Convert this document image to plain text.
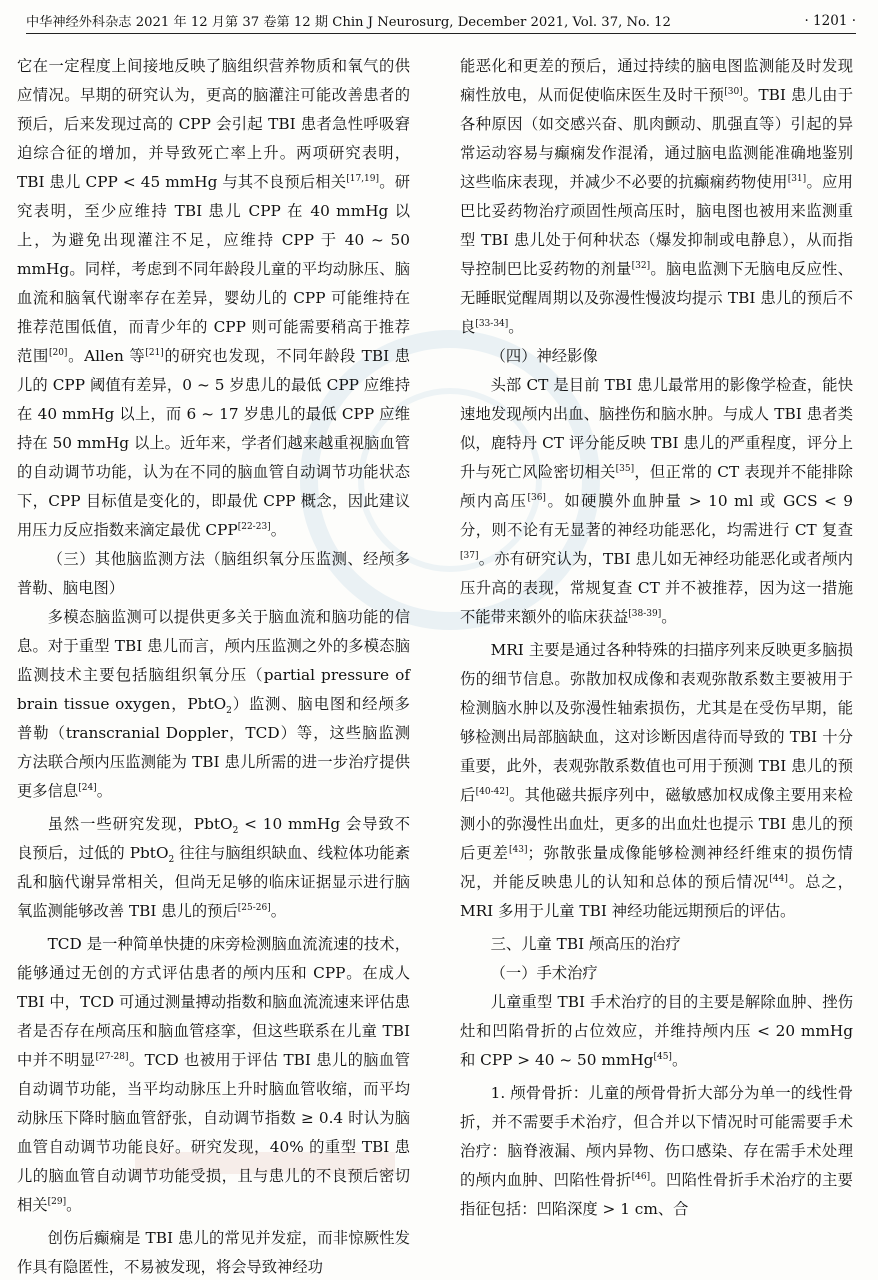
中华神经外科杂志 2021 年 12 月第 37 卷第 12 期 Chin J Neurosurg, December 2021, Vol. 37, No. 12	· 1201 ·

它在一定程度上间接地反映了脑组织营养物质和氧气的供应情况。早期的研究认为，更高的脑灌注可能改善患者的预后，后来发现过高的 CPP 会引起 TBI 患者急性呼吸窘迫综合征的增加，并导致死亡率上升。两项研究表明，TBI 患儿 CPP < 45 mmHg 与其不良预后相关[17,19]。研究表明，至少应维持 TBI 患儿 CPP 在 40 mmHg 以上，为避免出现灌注不足，应维持 CPP 于 40 ~ 50 mmHg。同样，考虑到不同年龄段儿童的平均动脉压、脑血流和脑氧代谢率存在差异，婴幼儿的 CPP 可能维持在推荐范围低值，而青少年的 CPP 则可能需要稍高于推荐范围[20]。Allen 等[21]的研究也发现，不同年龄段 TBI 患儿的 CPP 阈值有差异，0 ~ 5 岁患儿的最低 CPP 应维持在 40 mmHg 以上，而 6 ~ 17 岁患儿的最低 CPP 应维持在 50 mmHg 以上。近年来，学者们越来越重视脑血管的自动调节功能，认为在不同的脑血管自动调节功能状态下，CPP 目标值是变化的，即最优 CPP 概念，因此建议用压力反应指数来滴定最优 CPP[22-23]。

（三）其他脑监测方法（脑组织氧分压监测、经颅多普勒、脑电图）

多模态脑监测可以提供更多关于脑血流和脑功能的信息。对于重型 TBI 患儿而言，颅内压监测之外的多模态脑监测技术主要包括脑组织氧分压（partial pressure of brain tissue oxygen，PbtO$_2$）监测、脑电图和经颅多普勒（transcranial Doppler，TCD）等，这些脑监测方法联合颅内压监测能为 TBI 患儿所需的进一步治疗提供更多信息[24]。

虽然一些研究发现，PbtO$_2$ < 10 mmHg 会导致不良预后，过低的 PbtO$_2$ 往往与脑组织缺血、线粒体功能紊乱和脑代谢异常相关，但尚无足够的临床证据显示进行脑氧监测能够改善 TBI 患儿的预后[25-26]。

TCD 是一种简单快捷的床旁检测脑血流流速的技术，能够通过无创的方式评估患者的颅内压和 CPP。在成人 TBI 中，TCD 可通过测量搏动指数和脑血流流速来评估患者是否存在颅高压和脑血管痉挛，但这些联系在儿童 TBI 中并不明显[27-28]。TCD 也被用于评估 TBI 患儿的脑血管自动调节功能，当平均动脉压上升时脑血管收缩，而平均动脉压下降时脑血管舒张，自动调节指数 ≥ 0.4 时认为脑血管自动调节功能良好。研究发现，40% 的重型 TBI 患儿的脑血管自动调节功能受损，且与患儿的不良预后密切相关[29]。

创伤后癫痫是 TBI 患儿的常见并发症，而非惊厥性发作具有隐匿性，不易被发现，将会导致神经功

能恶化和更差的预后，通过持续的脑电图监测能及时发现痫性放电，从而促使临床医生及时干预[30]。TBI 患儿由于各种原因（如交感兴奋、肌肉颤动、肌强直等）引起的异常运动容易与癫痫发作混淆，通过脑电监测能准确地鉴别这些临床表现，并减少不必要的抗癫痫药物使用[31]。应用巴比妥药物治疗顽固性颅高压时，脑电图也被用来监测重型 TBI 患儿处于何种状态（爆发抑制或电静息），从而指导控制巴比妥药物的剂量[32]。脑电监测下无脑电反应性、无睡眠觉醒周期以及弥漫性慢波均提示 TBI 患儿的预后不良[33-34]。

（四）神经影像

头部 CT 是目前 TBI 患儿最常用的影像学检查，能快速地发现颅内出血、脑挫伤和脑水肿。与成人 TBI 患者类似，鹿特丹 CT 评分能反映 TBI 患儿的严重程度，评分上升与死亡风险密切相关[35]，但正常的 CT 表现并不能排除颅内高压[36]。如硬膜外血肿量 > 10 ml 或 GCS < 9 分，则不论有无显著的神经功能恶化，均需进行 CT 复查[37]。亦有研究认为，TBI 患儿如无神经功能恶化或者颅内压升高的表现，常规复查 CT 并不被推荐，因为这一措施不能带来额外的临床获益[38-39]。

MRI 主要是通过各种特殊的扫描序列来反映更多脑损伤的细节信息。弥散加权成像和表观弥散系数主要被用于检测脑水肿以及弥漫性轴索损伤，尤其是在受伤早期，能够检测出局部脑缺血，这对诊断因虐待而导致的 TBI 十分重要，此外，表观弥散系数值也可用于预测 TBI 患儿的预后[40-42]。其他磁共振序列中，磁敏感加权成像主要用来检测小的弥漫性出血灶，更多的出血灶也提示 TBI 患儿的预后更差[43]；弥散张量成像能够检测神经纤维束的损伤情况，并能反映患儿的认知和总体的预后情况[44]。总之，MRI 多用于儿童 TBI 神经功能远期预后的评估。

三、儿童 TBI 颅高压的治疗

（一）手术治疗

儿童重型 TBI 手术治疗的目的主要是解除血肿、挫伤灶和凹陷骨折的占位效应，并维持颅内压 < 20 mmHg 和 CPP > 40 ~ 50 mmHg[45]。

1. 颅骨骨折：儿童的颅骨骨折大部分为单一的线性骨折，并不需要手术治疗，但合并以下情况时可能需要手术治疗：脑脊液漏、颅内异物、伤口感染、存在需手术处理的颅内血肿、凹陷性骨折[46]。凹陷性骨折手术治疗的主要指征包括：凹陷深度 > 1 cm、合
